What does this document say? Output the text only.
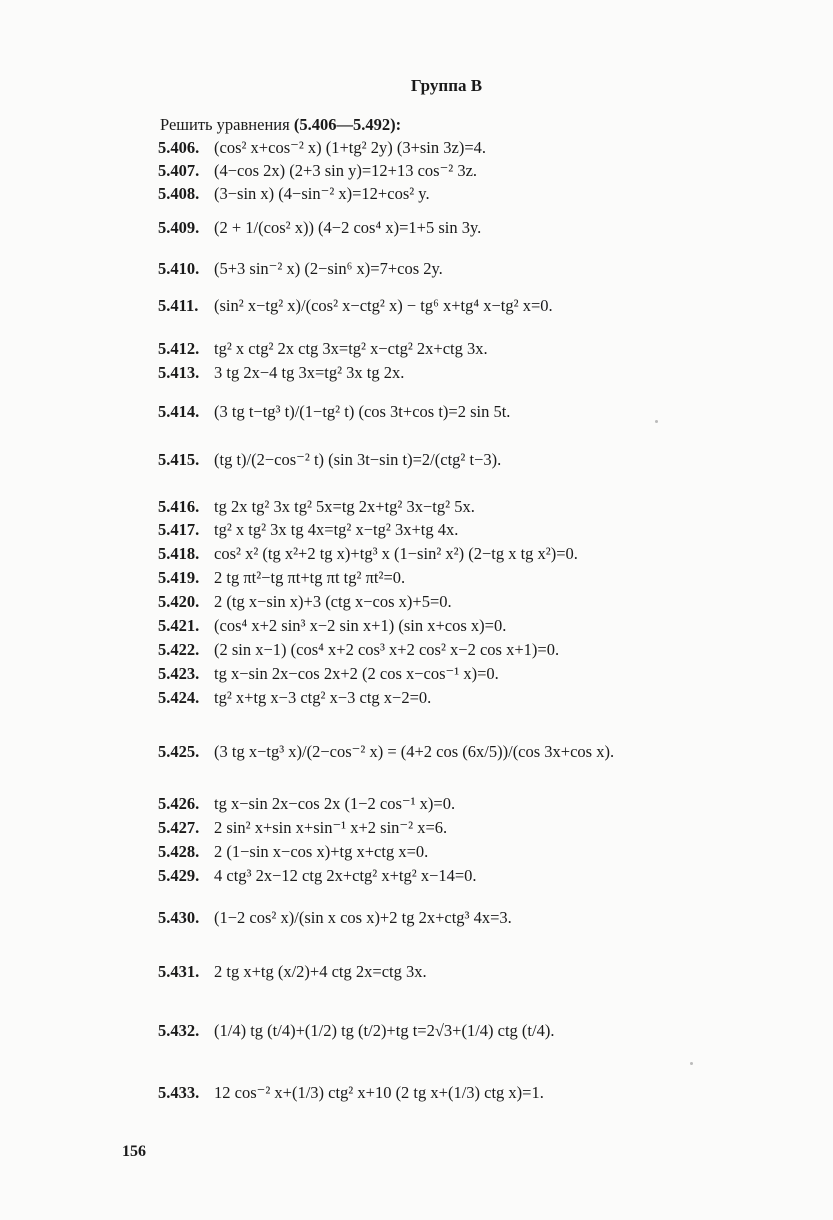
Группа В
Решить уравнения (5.406—5.492):
5.406. (cos² x+cos⁻² x) (1+tg² 2y) (3+sin 3z)=4.
5.407. (4−cos 2x) (2+3 sin y)=12+13 cos⁻² 3z.
5.408. (3−sin x) (4−sin⁻² x)=12+cos² y.
5.409. (2 + 1/(cos² x)) (4−2 cos⁴ x)=1+5 sin 3y.
5.410. (5+3 sin⁻² x) (2−sin⁶ x)=7+cos 2y.
5.411. (sin² x−tg² x)/(cos² x−ctg² x) − tg⁶ x+tg⁴ x−tg² x=0.
5.412. tg² x ctg² 2x ctg 3x=tg² x−ctg² 2x+ctg 3x.
5.413. 3 tg 2x−4 tg 3x=tg² 3x tg 2x.
5.414. (3 tg t−tg³ t)/(1−tg² t) (cos 3t+cos t)=2 sin 5t.
5.415. (tg t)/(2−cos⁻² t) (sin 3t−sin t)=2/(ctg² t−3).
5.416. tg 2x tg² 3x tg² 5x=tg 2x+tg² 3x−tg² 5x.
5.417. tg² x tg² 3x tg 4x=tg² x−tg² 3x+tg 4x.
5.418. cos² x² (tg x²+2 tg x)+tg³ x (1−sin² x²) (2−tg x tg x²)=0.
5.419. 2 tg πt²−tg πt+tg πt tg² πt²=0.
5.420. 2 (tg x−sin x)+3 (ctg x−cos x)+5=0.
5.421. (cos⁴ x+2 sin³ x−2 sin x+1) (sin x+cos x)=0.
5.422. (2 sin x−1) (cos⁴ x+2 cos³ x+2 cos² x−2 cos x+1)=0.
5.423. tg x−sin 2x−cos 2x+2 (2 cos x−cos⁻¹ x)=0.
5.424. tg² x+tg x−3 ctg² x−3 ctg x−2=0.
5.425. (3 tg x−tg³ x)/(2−cos⁻² x) = (4+2 cos (6x/5))/(cos 3x+cos x).
5.426. tg x−sin 2x−cos 2x (1−2 cos⁻¹ x)=0.
5.427. 2 sin² x+sin x+sin⁻¹ x+2 sin⁻² x=6.
5.428. 2 (1−sin x−cos x)+tg x+ctg x=0.
5.429. 4 ctg³ 2x−12 ctg 2x+ctg² x+tg² x−14=0.
5.430. (1−2 cos² x)/(sin x cos x)+2 tg 2x+ctg³ 4x=3.
5.431. 2 tg x+tg (x/2)+4 ctg 2x=ctg 3x.
5.432. (1/4) tg (t/4)+(1/2) tg (t/2)+tg t=2√3+(1/4) ctg (t/4).
5.433. 12 cos⁻² x+(1/3) ctg² x+10 (2 tg x+(1/3) ctg x)=1.
156
